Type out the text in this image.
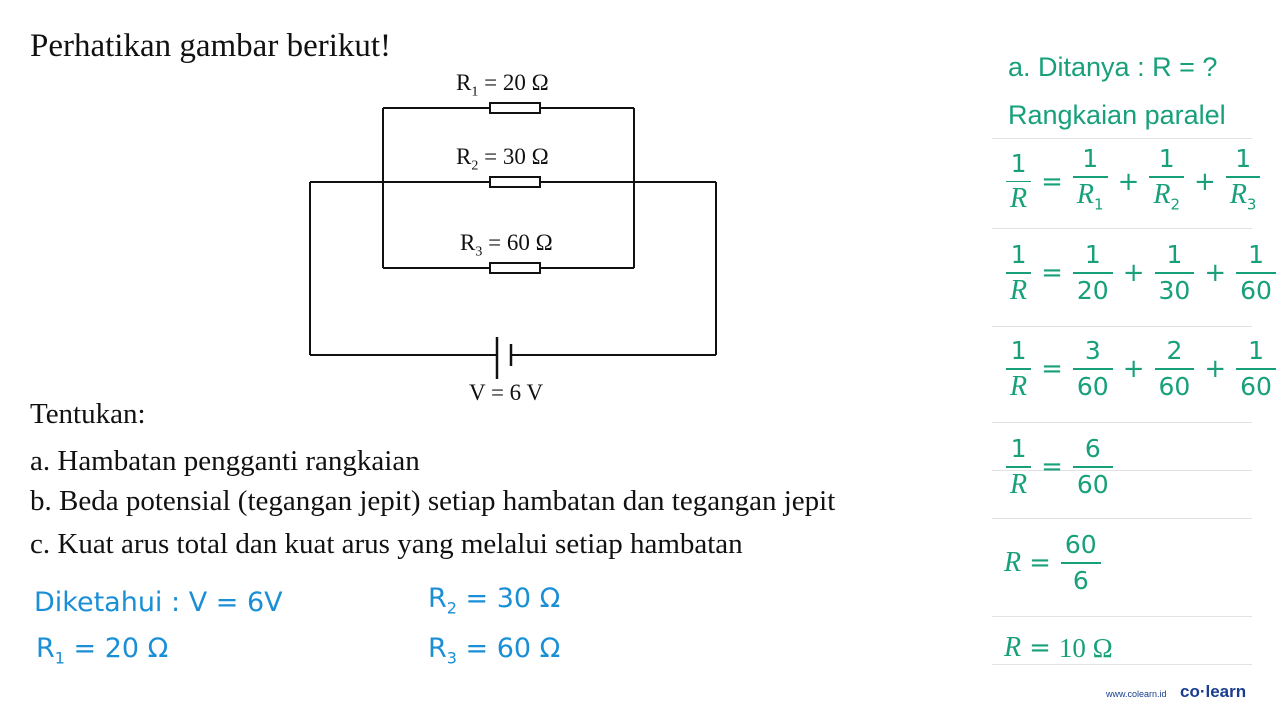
Perhatikan gambar berikut!
$R_1 = 20$ Ω
$R_2 = 30$ Ω
$R_3 = 60$ Ω
V = 6 V
Tentukan:
a. Hambatan pengganti rangkaian
b. Beda potensial (tegangan jepit) setiap hambatan dan tegangan jepit
c. Kuat arus total dan kuat arus yang melalui setiap hambatan
Diketahui : V = 6V	$R_2 = 30$ Ω
$R_1 = 20$ Ω	$R_3 = 60$ Ω
a. Ditanya : R = ?
Rangkaian paralel
$\frac{1}{R} = \frac{1}{R_1} + \frac{1}{R_2} + \frac{1}{R_3}$
$\frac{1}{R} = \frac{1}{20} + \frac{1}{30} + \frac{1}{60}$
$\frac{1}{R} = \frac{3}{60} + \frac{2}{60} + \frac{1}{60}$
$\frac{1}{R} = \frac{6}{60}$
$R = \frac{60}{6}$
R = 10 Ω
www.colearn.id co·learn
